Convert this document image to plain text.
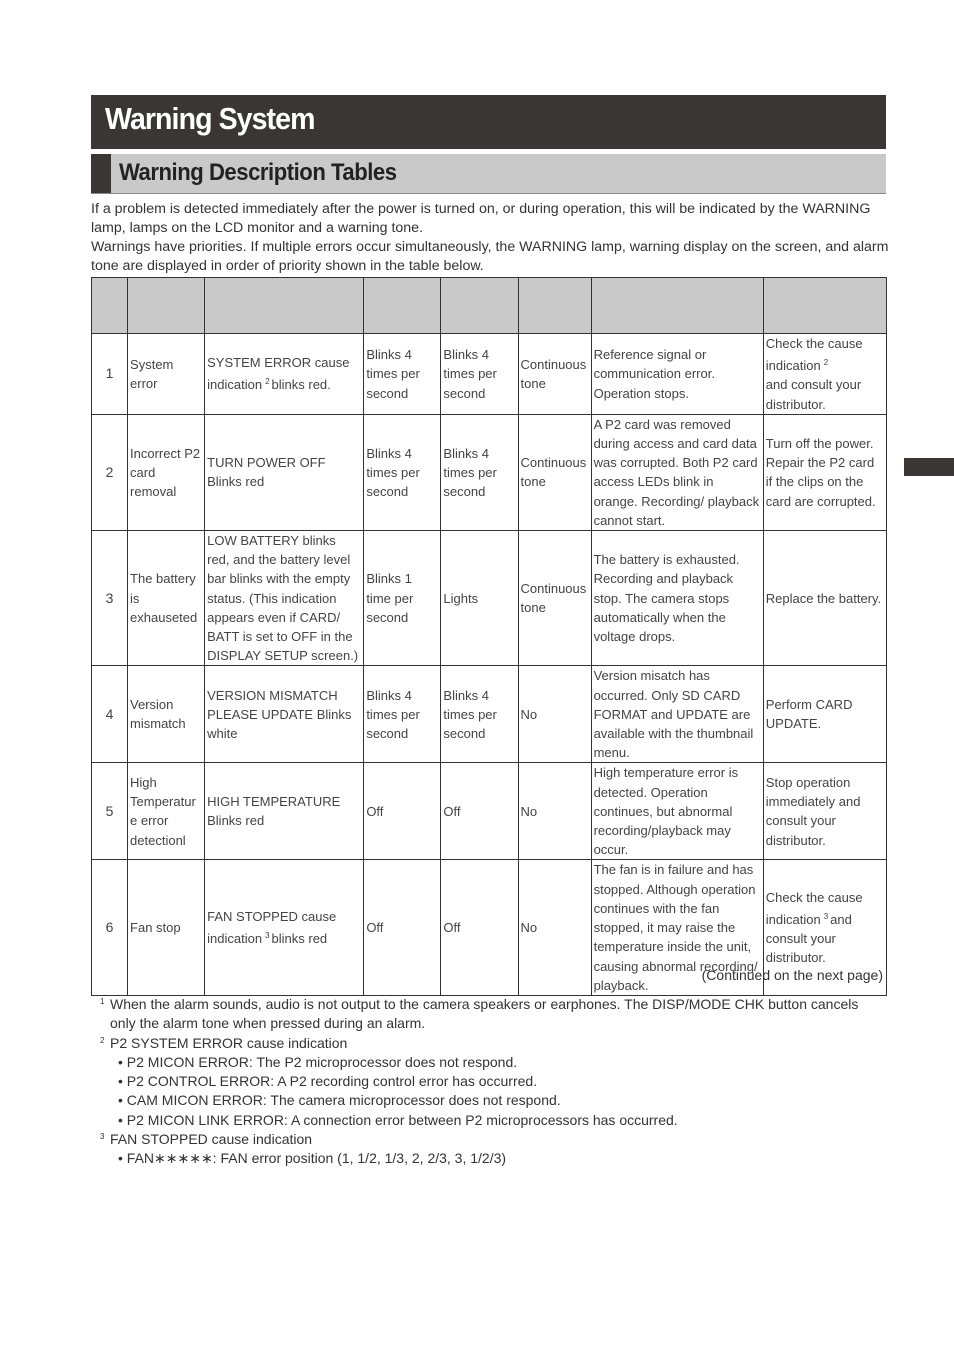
Warning System
Warning Description Tables

If a problem is detected immediately after the power is turned on, or during operation, this will be indicated by the WARNING lamp, lamps on the LCD monitor and a warning tone.

Warnings have priorities. If multiple errors occur simultaneously, the WARNING lamp, warning display on the screen, and alarm tone are displayed in order of priority shown in the table below.

1	System error	SYSTEM ERROR cause indication $^2$ blinks red.	Blinks 4 times per second	Blinks 4 times per second	Continuous tone	Reference signal or communication error. Operation stops.	Check the cause indication $^2$
and consult your distributor.
2	Incorrect P2 card removal	TURN POWER OFF Blinks red	Blinks 4 times per second	Blinks 4 times per second	Continuous tone	A P2 card was removed during access and card data was corrupted. Both P2 card access LEDs blink in orange. Recording/ playback cannot start.	Turn off the power. Repair the P2 card if the clips on the card are corrupted.
3	The battery is exhauseted	LOW BATTERY blinks red, and the battery level bar blinks with the empty status. (This indication appears even if CARD/ BATT is set to OFF in the DISPLAY SETUP screen.)	Blinks 1 time per second	Lights	Continuous tone	The battery is exhausted. Recording and playback stop. The camera stops automatically when the voltage drops.	Replace the battery.
4	Version mismatch	VERSION MISMATCH PLEASE UPDATE Blinks white	Blinks 4 times per second	Blinks 4 times per second	No	Version misatch has occurred. Only SD CARD FORMAT and UPDATE are available with the thumbnail menu.	Perform CARD UPDATE.
5	High Temperature error detectionl	HIGH TEMPERATURE Blinks red	Off	Off	No	High temperature error is detected. Operation continues, but abnormal recording/playback may occur.	Stop operation immediately and consult your distributor.
6	Fan stop	FAN STOPPED cause indication $^3$ blinks red	Off	Off	No	The fan is in failure and has stopped. Although operation continues with the fan stopped, it may raise the temperature inside the unit, causing abnormal recording/ playback.	Check the cause indication $^3$ and consult your distributor.
(Continued on the next page)
1 When the alarm sounds, audio is not output to the camera speakers or earphones. The DISP/MODE CHK button cancels only the alarm tone when pressed during an alarm.
2 P2 SYSTEM ERROR cause indication
• P2 MICON ERROR: The P2 microprocessor does not respond.
• P2 CONTROL ERROR: A P2 recording control error has occurred.
• CAM MICON ERROR: The camera microprocessor does not respond.
• P2 MICON LINK ERROR: A connection error between P2 microprocessors has occurred.
3 FAN STOPPED cause indication
• FAN∗∗∗∗∗: FAN error position (1, 1/2, 1/3, 2, 2/3, 3, 1/2/3)
